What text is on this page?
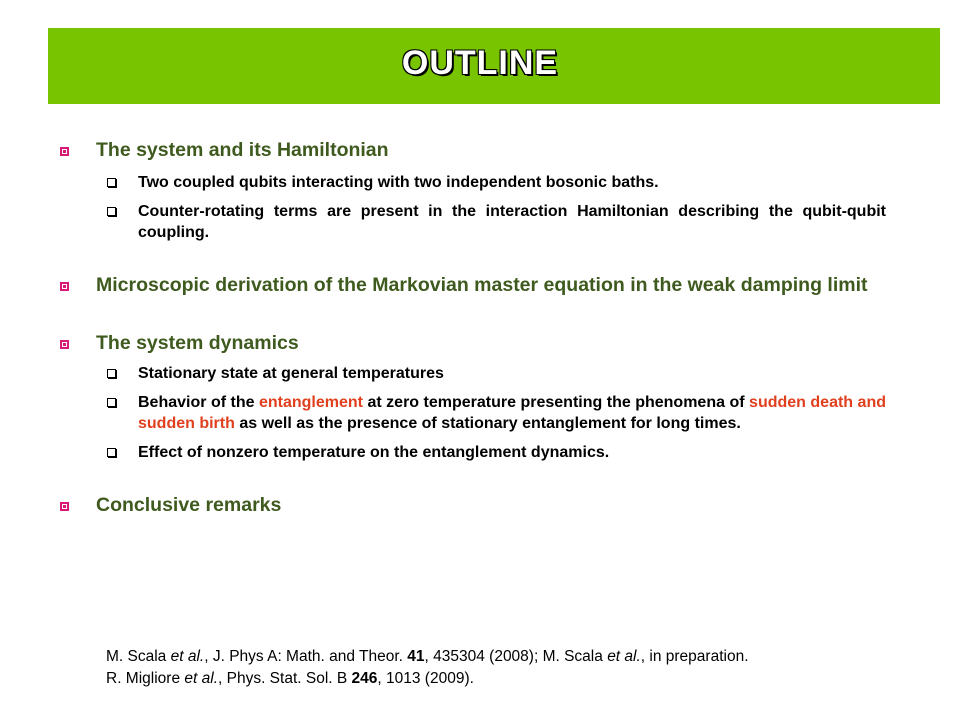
OUTLINE
The system and its Hamiltonian
Two coupled qubits interacting with two independent bosonic baths.
Counter-rotating terms are present in the interaction Hamiltonian describing the qubit-qubit coupling.
Microscopic derivation of the Markovian master equation in the weak damping limit
The system dynamics
Stationary state at general temperatures
Behavior of the entanglement at zero temperature presenting the phenomena of sudden death and sudden birth as well as the presence of stationary entanglement for long times.
Effect of nonzero temperature on the entanglement dynamics.
Conclusive remarks
M. Scala et al., J. Phys A: Math. and Theor. 41, 435304 (2008); M. Scala et al., in preparation.
R. Migliore et al., Phys. Stat. Sol. B 246, 1013 (2009).
